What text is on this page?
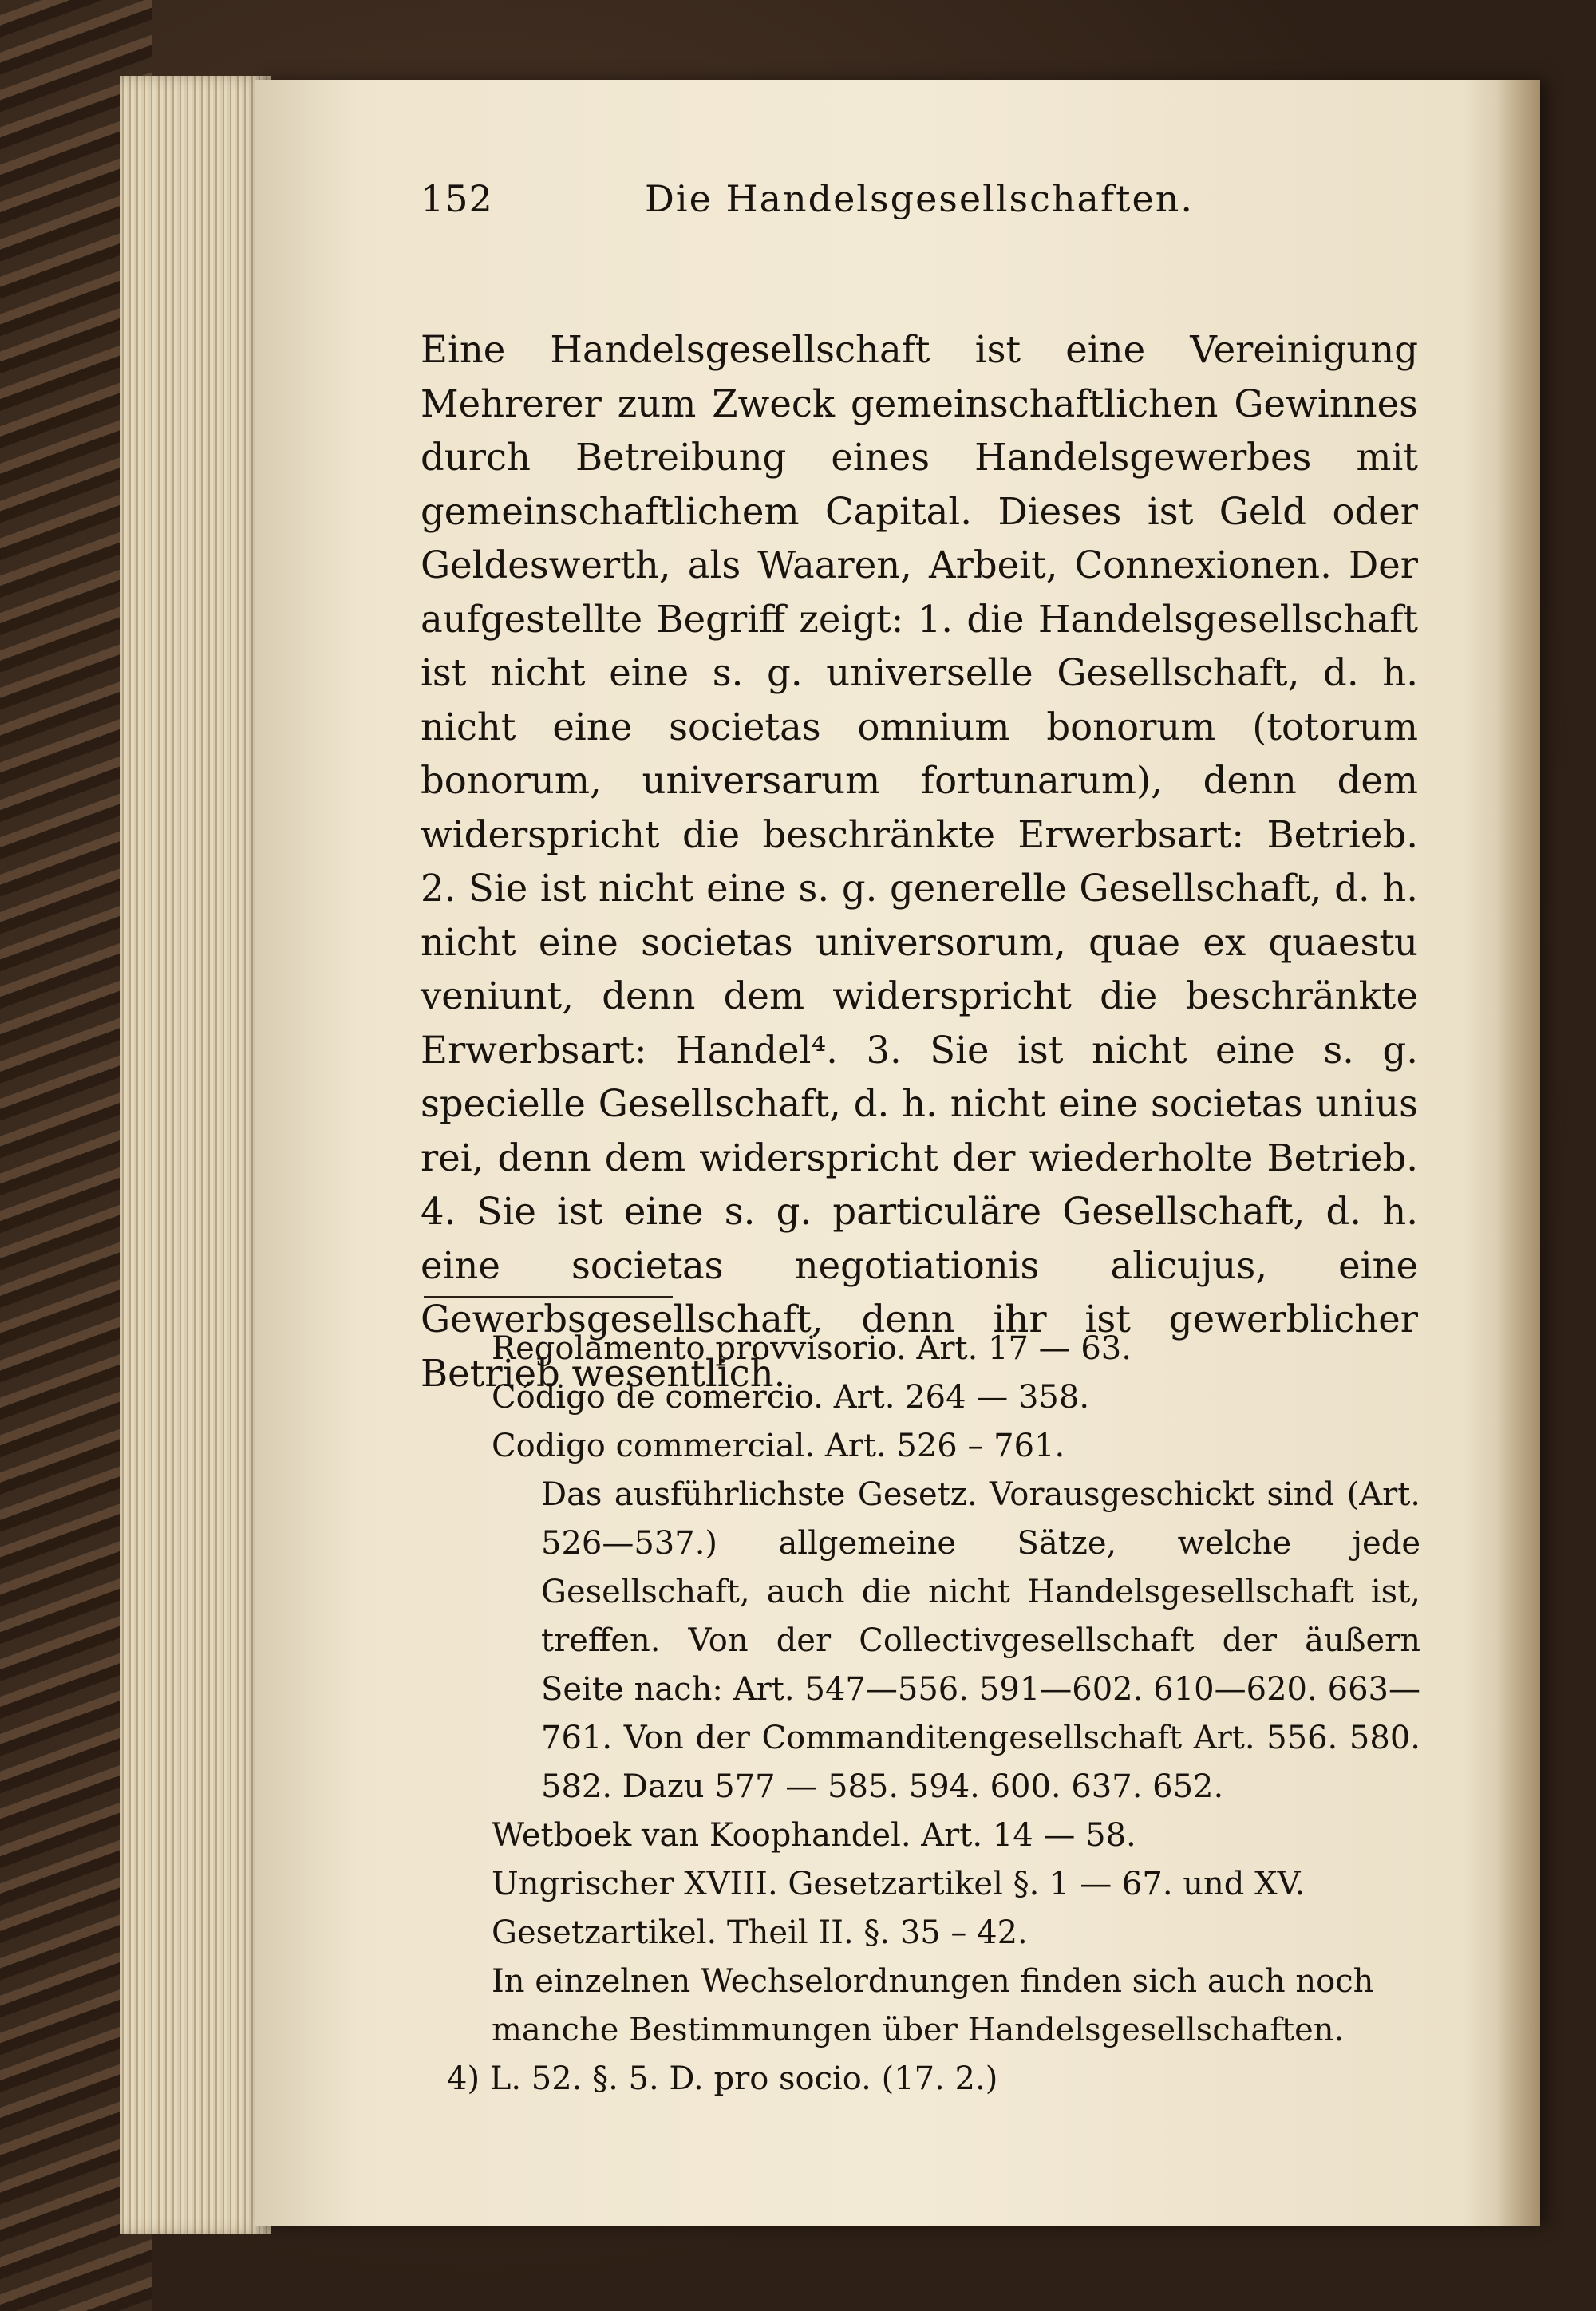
152	Die Handelsgesellschaften.

Eine Handelsgesellschaft ist eine Vereinigung Mehrerer zum Zweck gemeinschaftlichen Gewinnes durch Betreibung eines Handelsgewerbes mit gemeinschaftlichem Capital. Dieses ist Geld oder Geldeswerth, als Waaren, Arbeit, Connexionen. Der aufgestellte Begriff zeigt: 1. die Handelsgesellschaft ist nicht eine s. g. universelle Gesellschaft, d. h. nicht eine societas omnium bonorum (totorum bonorum, universarum fortunarum), denn dem widerspricht die beschränkte Erwerbsart: Betrieb. 2. Sie ist nicht eine s. g. generelle Gesellschaft, d. h. nicht eine societas universorum, quae ex quaestu veniunt, denn dem widerspricht die beschränkte Erwerbsart: Handel⁴. 3. Sie ist nicht eine s. g. specielle Gesellschaft, d. h. nicht eine societas unius rei, denn dem widerspricht der wiederholte Betrieb. 4. Sie ist eine s. g. particuläre Gesellschaft, d. h. eine societas negotiationis alicujus, eine Gewerbsgesellschaft, denn ihr ist gewerblicher Betrieb wesentlich.

Regolamento provvisorio. Art. 17 — 63.

Código de comercio. Art. 264 — 358.

Codigo commercial. Art. 526 – 761.

Das ausführlichste Gesetz. Vorausgeschickt sind (Art. 526—537.) allgemeine Sätze, welche jede Gesellschaft, auch die nicht Handelsgesellschaft ist, treffen. Von der Collectivgesellschaft der äußern Seite nach: Art. 547—556. 591—602. 610—620. 663—761. Von der Commanditengesellschaft Art. 556. 580. 582. Dazu 577 — 585. 594. 600. 637. 652.

Wetboek van Koophandel. Art. 14 — 58.

Ungrischer XVIII. Gesetzartikel §. 1 — 67. und XV. Gesetzartikel. Theil II. §. 35 – 42.

In einzelnen Wechselordnungen finden sich auch noch manche Bestimmungen über Handelsgesellschaften.

4) L. 52. §. 5. D. pro socio. (17. 2.)
